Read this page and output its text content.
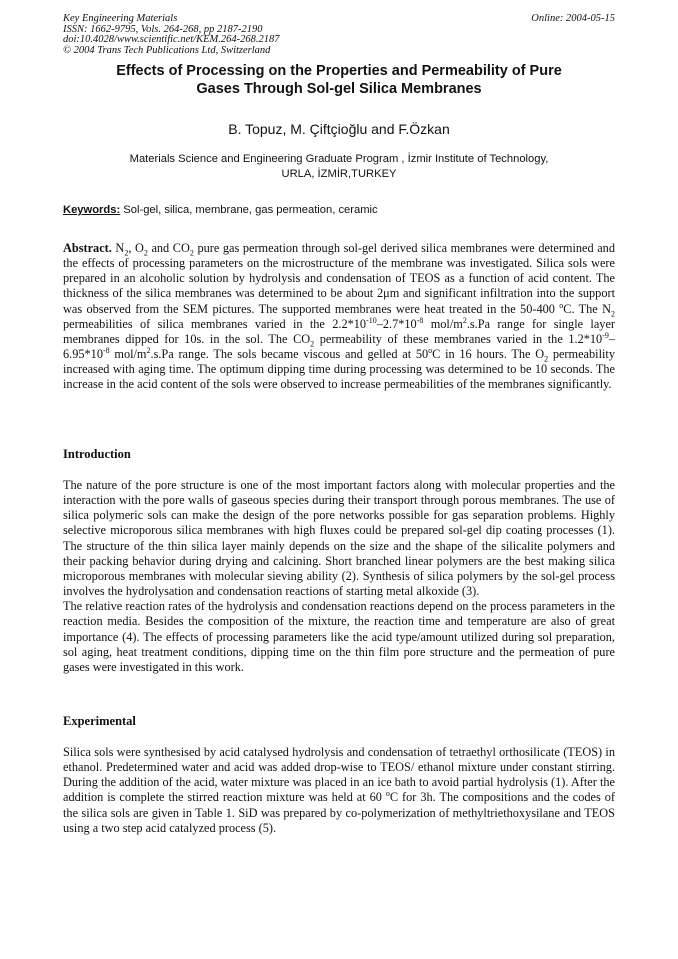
Key Engineering Materials
ISSN: 1662-9795, Vols. 264-268, pp 2187-2190
doi:10.4028/www.scientific.net/KEM.264-268.2187
© 2004 Trans Tech Publications Ltd, Switzerland
Online: 2004-05-15
Effects of Processing on the Properties and Permeability of Pure
Gases Through Sol-gel Silica Membranes
B. Topuz, M. Çiftçioğlu and F.Özkan
Materials Science and Engineering Graduate Program , İzmir Institute of Technology,
URLA, İZMİR,TURKEY
Keywords: Sol-gel, silica, membrane, gas permeation, ceramic

Abstract. $N_2$, $O_2$ and $CO_2$ pure gas permeation through sol-gel derived silica membranes were determined and the effects of processing parameters on the microstructure of the membrane was investigated. Silica sols were prepared in an alcoholic solution by hydrolysis and condensation of TEOS as a function of acid content. The thickness of the silica membranes was determined to be about 2μm and significant infiltration into the support was observed from the SEM pictures. The supported membranes were heat treated in the 50-400 $^o$C. The $N_2$ permeabilities of silica membranes varied in the $2.2*10^{-10}-2.7*10^{-8}$ mol/$m^2.s.Pa$ range for single layer membranes dipped for 10s. in the sol. The $CO_2$ permeability of these membranes varied in the $1.2*10^{-9}-6.95*10^{-8}$ mol/$m^2.s.Pa$ range. The sols became viscous and gelled at 50$^o$C in 16 hours. The $O_2$ permeability increased with aging time. The optimum dipping time during processing was determined to be 10 seconds. The increase in the acid content of the sols were observed to increase permeabilities of the membranes significantly.

Introduction

The nature of the pore structure is one of the most important factors along with molecular properties and the interaction with the pore walls of gaseous species during their transport through porous membranes. The use of silica polymeric sols can make the design of the pore networks possible for gas separation problems. Highly selective microporous silica membranes with high fluxes could be prepared sol-gel dip coating processes (1). The structure of the thin silica layer mainly depends on the size and the shape of the silicalite polymers and their packing behavior during drying and calcining. Short branched linear polymers are the best making silica microporous membranes with molecular sieving ability (2). Synthesis of silica polymers by the sol-gel process involves the hydrolysation and condensation reactions of starting metal alkoxide (3).

The relative reaction rates of the hydrolysis and condensation reactions depend on the process parameters in the reaction media. Besides the composition of the mixture, the reaction time and temperature are also of great importance (4). The effects of processing parameters like the acid type/amount utilized during sol preparation, sol aging, heat treatment conditions, dipping time on the thin film pore structure and the permeation of pure gases were investigated in this work.

Experimental

Silica sols were synthesised by acid catalysed hydrolysis and condensation of tetraethyl orthosilicate (TEOS) in ethanol. Predetermined water and acid was added drop-wise to TEOS/ ethanol mixture under constant stirring. During the addition of the acid, water mixture was placed in an ice bath to avoid partial hydrolysis (1). After the addition is complete the stirred reaction mixture was held at 60 $^o$C for 3h. The compositions and the codes of the silica sols are given in Table 1. SiD was prepared by co-polymerization of methyltriethoxysilane and TEOS using a two step acid catalyzed process (5).
